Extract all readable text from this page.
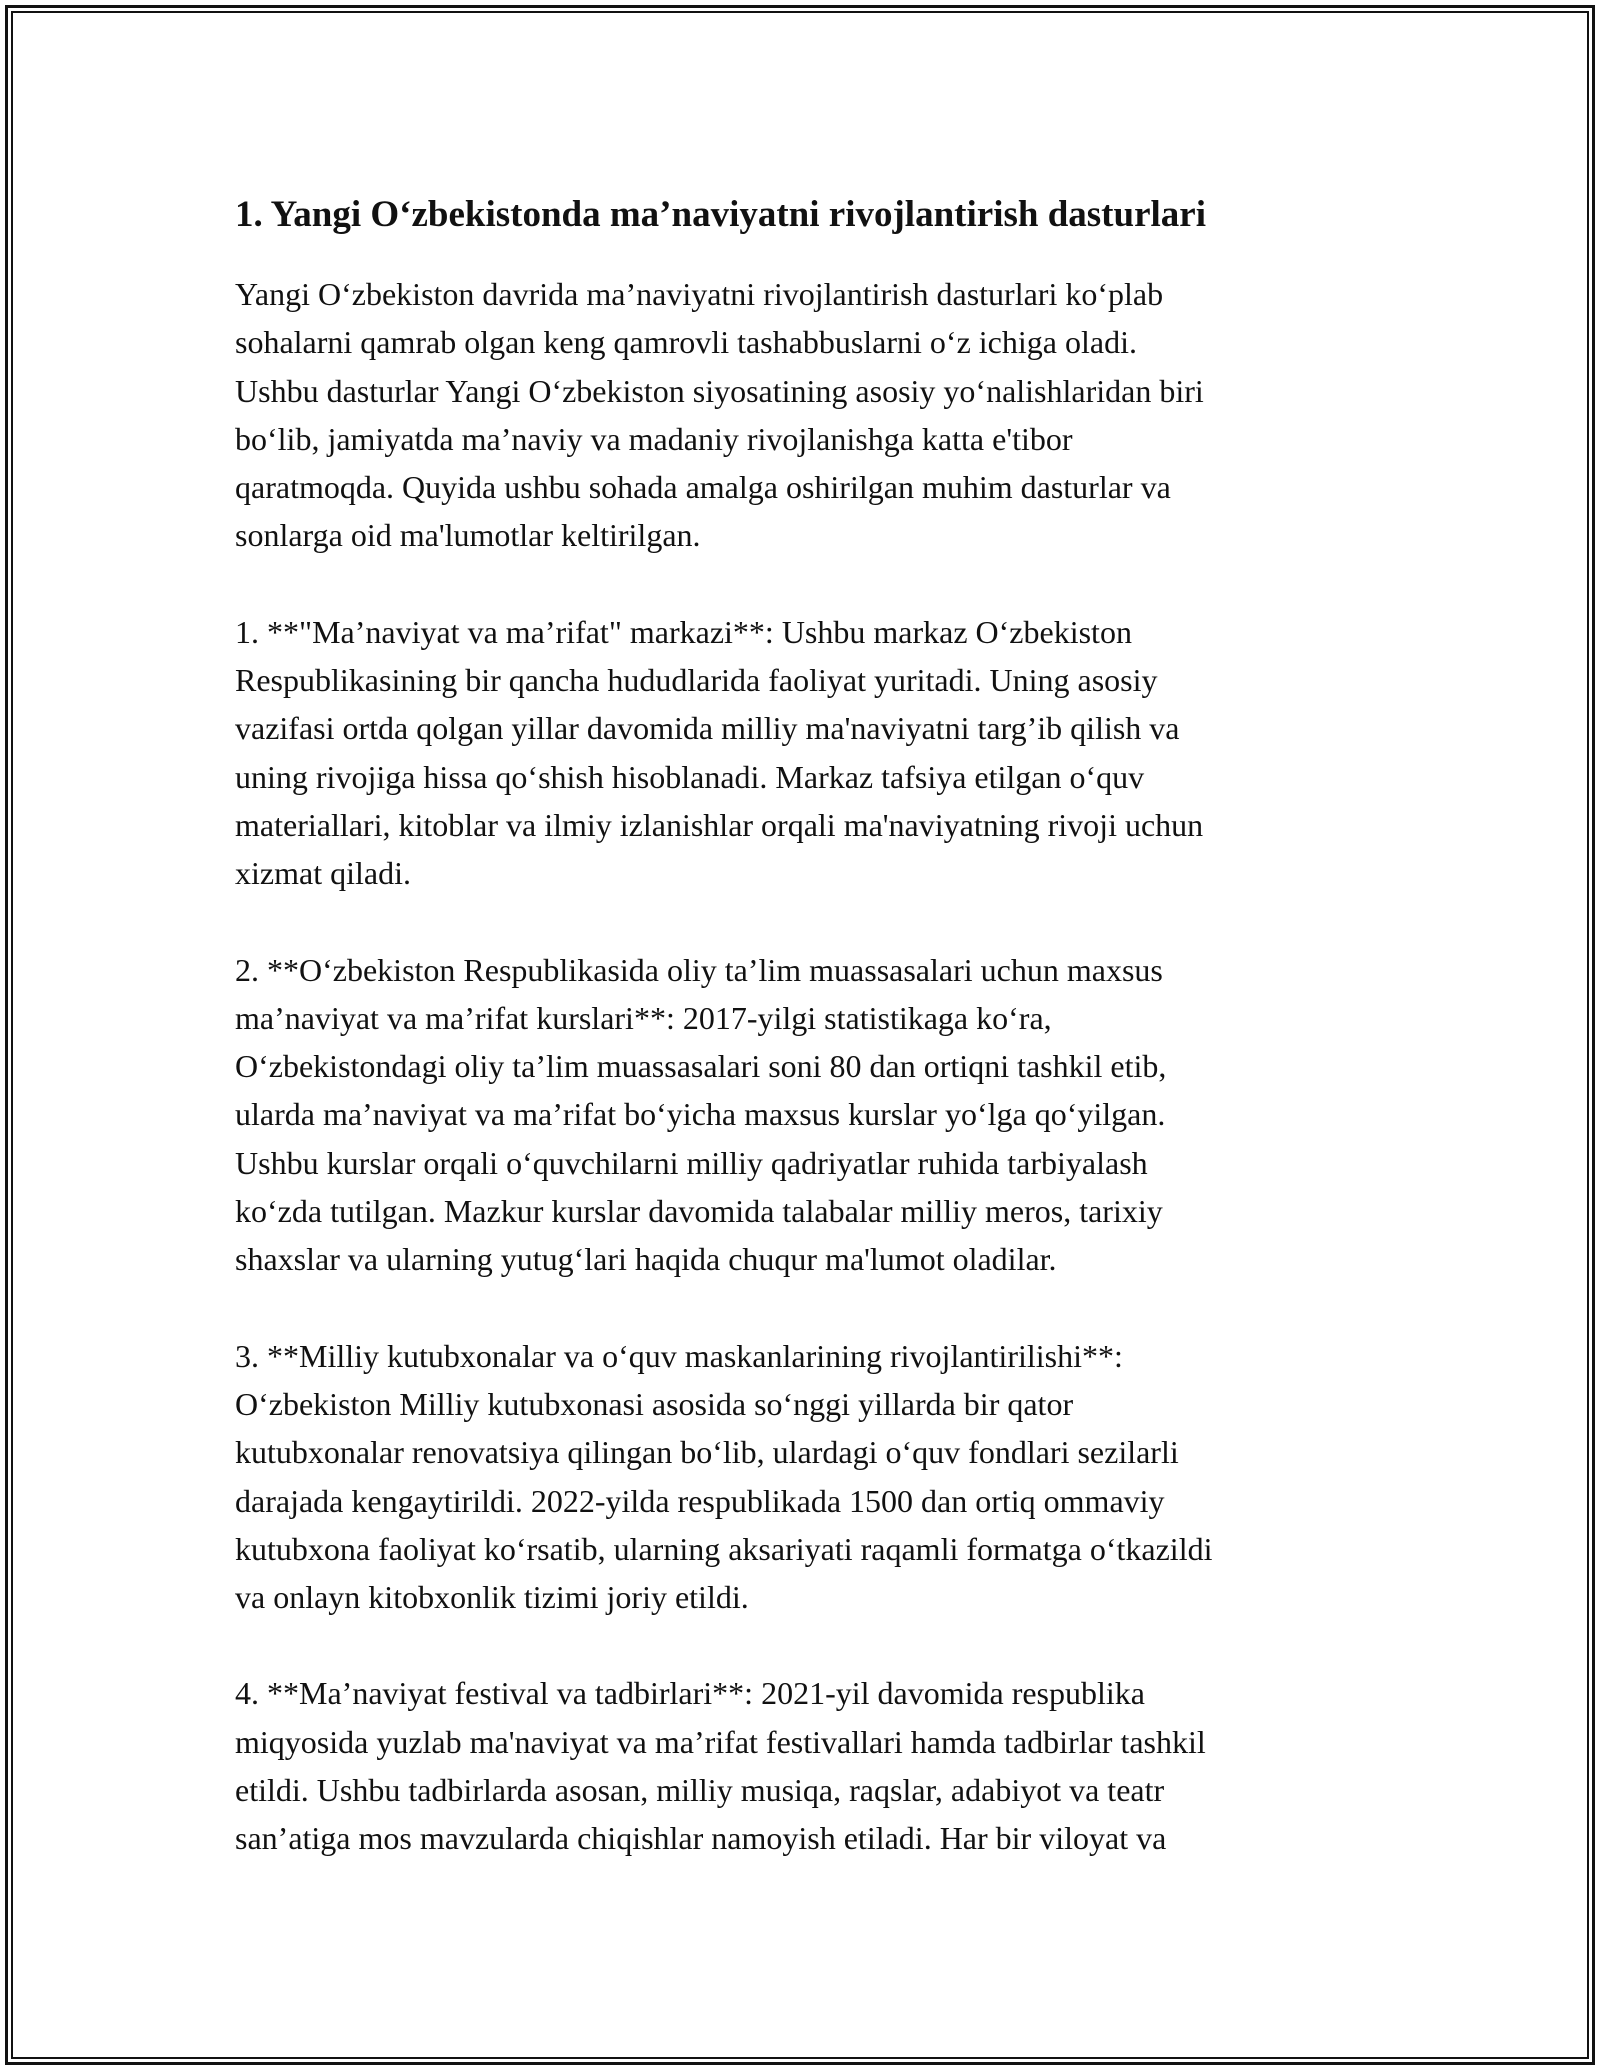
1. Yangi O‘zbekistonda ma’naviyatni rivojlantirish dasturlari

Yangi O‘zbekiston davrida ma’naviyatni rivojlantirish dasturlari ko‘plab
sohalarni qamrab olgan keng qamrovli tashabbuslarni o‘z ichiga oladi.
Ushbu dasturlar Yangi O‘zbekiston siyosatining asosiy yo‘nalishlaridan biri
bo‘lib, jamiyatda ma’naviy va madaniy rivojlanishga katta e'tibor
qaratmoqda. Quyida ushbu sohada amalga oshirilgan muhim dasturlar va
sonlarga oid ma'lumotlar keltirilgan.

1. **"Ma’naviyat va ma’rifat" markazi**: Ushbu markaz O‘zbekiston
Respublikasining bir qancha hududlarida faoliyat yuritadi. Uning asosiy
vazifasi ortda qolgan yillar davomida milliy ma'naviyatni targ’ib qilish va
uning rivojiga hissa qo‘shish hisoblanadi. Markaz tafsiya etilgan o‘quv
materiallari, kitoblar va ilmiy izlanishlar orqali ma'naviyatning rivoji uchun
xizmat qiladi.

2. **O‘zbekiston Respublikasida oliy ta’lim muassasalari uchun maxsus
ma’naviyat va ma’rifat kurslari**: 2017-yilgi statistikaga ko‘ra,
O‘zbekistondagi oliy ta’lim muassasalari soni 80 dan ortiqni tashkil etib,
ularda ma’naviyat va ma’rifat bo‘yicha maxsus kurslar yo‘lga qo‘yilgan.
Ushbu kurslar orqali o‘quvchilarni milliy qadriyatlar ruhida tarbiyalash
ko‘zda tutilgan. Mazkur kurslar davomida talabalar milliy meros, tarixiy
shaxslar va ularning yutug‘lari haqida chuqur ma'lumot oladilar.

3. **Milliy kutubxonalar va o‘quv maskanlarining rivojlantirilishi**:
O‘zbekiston Milliy kutubxonasi asosida so‘nggi yillarda bir qator
kutubxonalar renovatsiya qilingan bo‘lib, ulardagi o‘quv fondlari sezilarli
darajada kengaytirildi. 2022-yilda respublikada 1500 dan ortiq ommaviy
kutubxona faoliyat ko‘rsatib, ularning aksariyati raqamli formatga o‘tkazildi
va onlayn kitobxonlik tizimi joriy etildi.

4. **Ma’naviyat festival va tadbirlari**: 2021-yil davomida respublika
miqyosida yuzlab ma'naviyat va ma’rifat festivallari hamda tadbirlar tashkil
etildi. Ushbu tadbirlarda asosan, milliy musiqa, raqslar, adabiyot va teatr
san’atiga mos mavzularda chiqishlar namoyish etiladi. Har bir viloyat va
